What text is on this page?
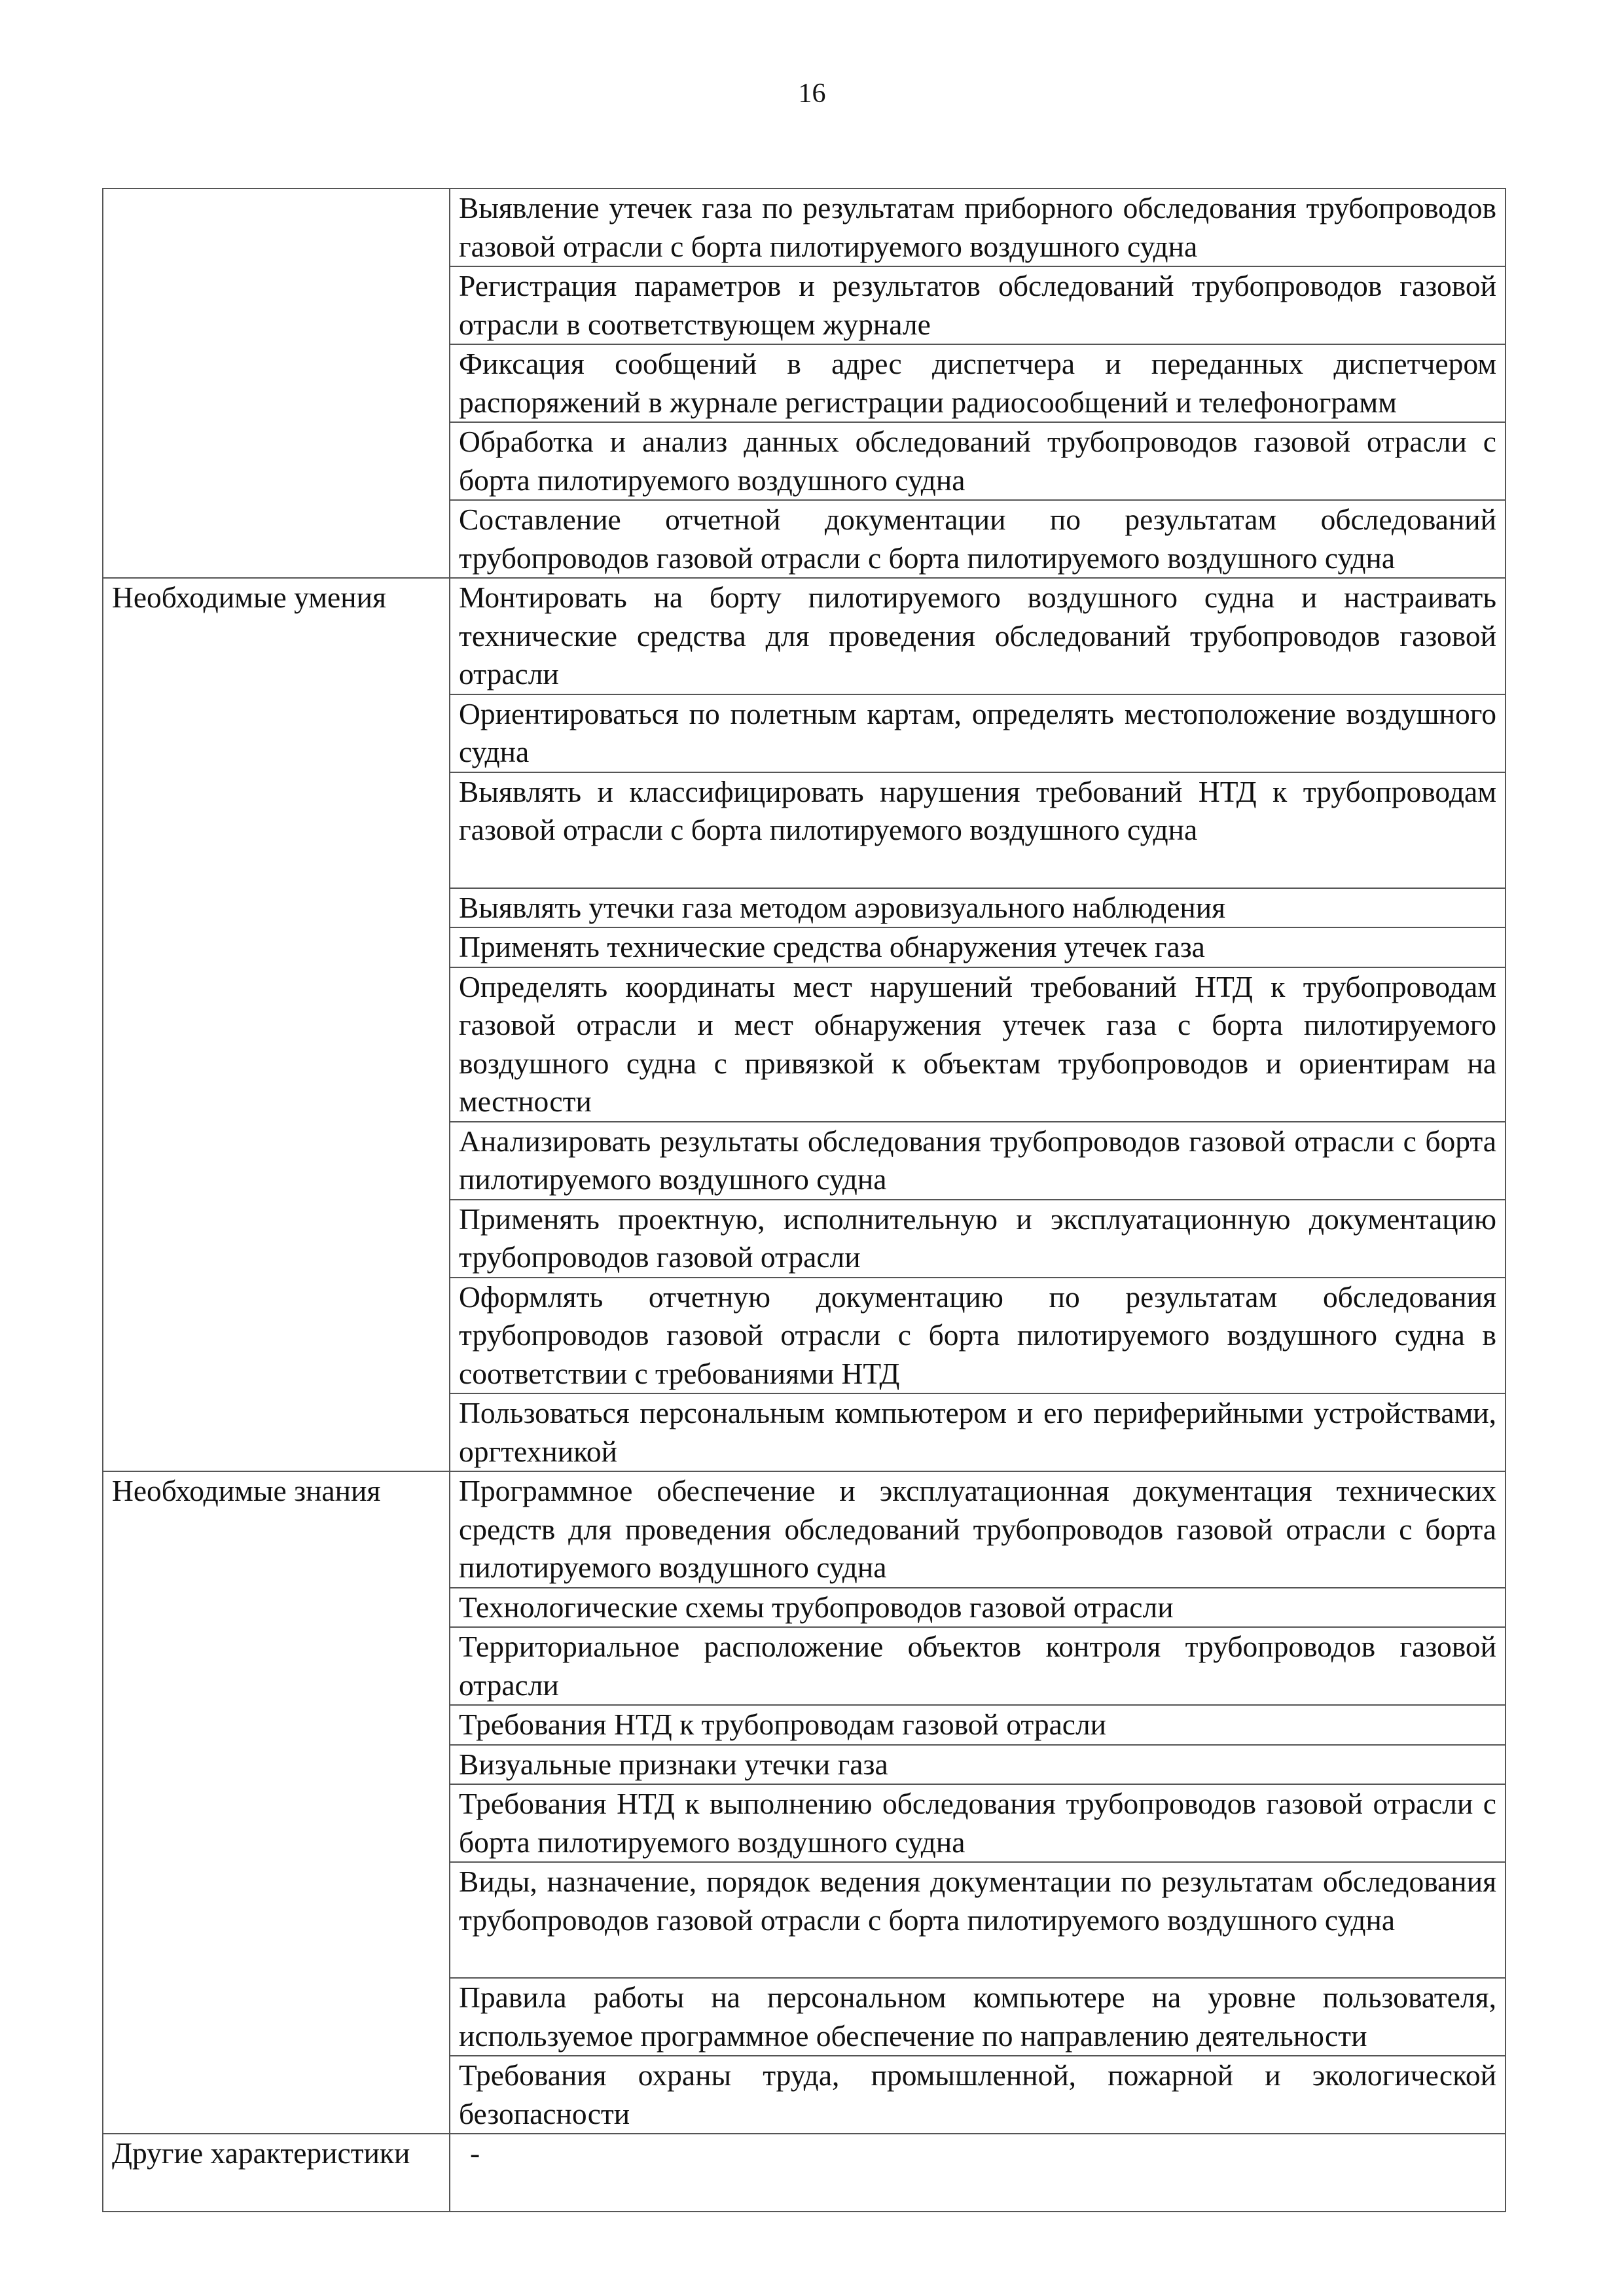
16
	Выявление утечек газа по результатам приборного обследования трубопроводов газовой отрасли с борта пилотируемого воздушного судна
	Регистрация параметров и результатов обследований трубопроводов газовой отрасли в соответствующем журнале
	Фиксация сообщений в адрес диспетчера и переданных диспетчером распоряжений в журнале регистрации радиосообщений и телефонограмм
	Обработка и анализ данных обследований трубопроводов газовой отрасли с борта пилотируемого воздушного судна
	Составление отчетной документации по результатам обследований трубопроводов газовой отрасли с борта пилотируемого воздушного судна
Необходимые умения	Монтировать на борту пилотируемого воздушного судна и настраивать технические средства для проведения обследований трубопроводов газовой отрасли
	Ориентироваться по полетным картам, определять местоположение воздушного судна
	Выявлять и классифицировать нарушения требований НТД к трубопроводам газовой отрасли с борта пилотируемого воздушного судна
	Выявлять утечки газа методом аэровизуального наблюдения
	Применять технические средства обнаружения утечек газа
	Определять координаты мест нарушений требований НТД к трубопроводам газовой отрасли и мест обнаружения утечек газа с борта пилотируемого воздушного судна с привязкой к объектам трубопроводов и ориентирам на местности
	Анализировать результаты обследования трубопроводов газовой отрасли с борта пилотируемого воздушного судна
	Применять проектную, исполнительную и эксплуатационную документацию трубопроводов газовой отрасли
	Оформлять отчетную документацию по результатам обследования трубопроводов газовой отрасли с борта пилотируемого воздушного судна в соответствии с требованиями НТД
	Пользоваться персональным компьютером и его периферийными устройствами, оргтехникой
Необходимые знания	Программное обеспечение и эксплуатационная документация технических средств для проведения обследований трубопроводов газовой отрасли с борта пилотируемого воздушного судна
	Технологические схемы трубопроводов газовой отрасли
	Территориальное расположение объектов контроля трубопроводов газовой отрасли
	Требования НТД к трубопроводам газовой отрасли
	Визуальные признаки утечки газа
	Требования НТД к выполнению обследования трубопроводов газовой отрасли с борта пилотируемого воздушного судна
	Виды, назначение, порядок ведения документации по результатам обследования трубопроводов газовой отрасли с борта пилотируемого воздушного судна
	Правила работы на персональном компьютере на уровне пользователя, используемое программное обеспечение по направлению деятельности
	Требования охраны труда, промышленной, пожарной и экологической безопасности
Другие характеристики	-
